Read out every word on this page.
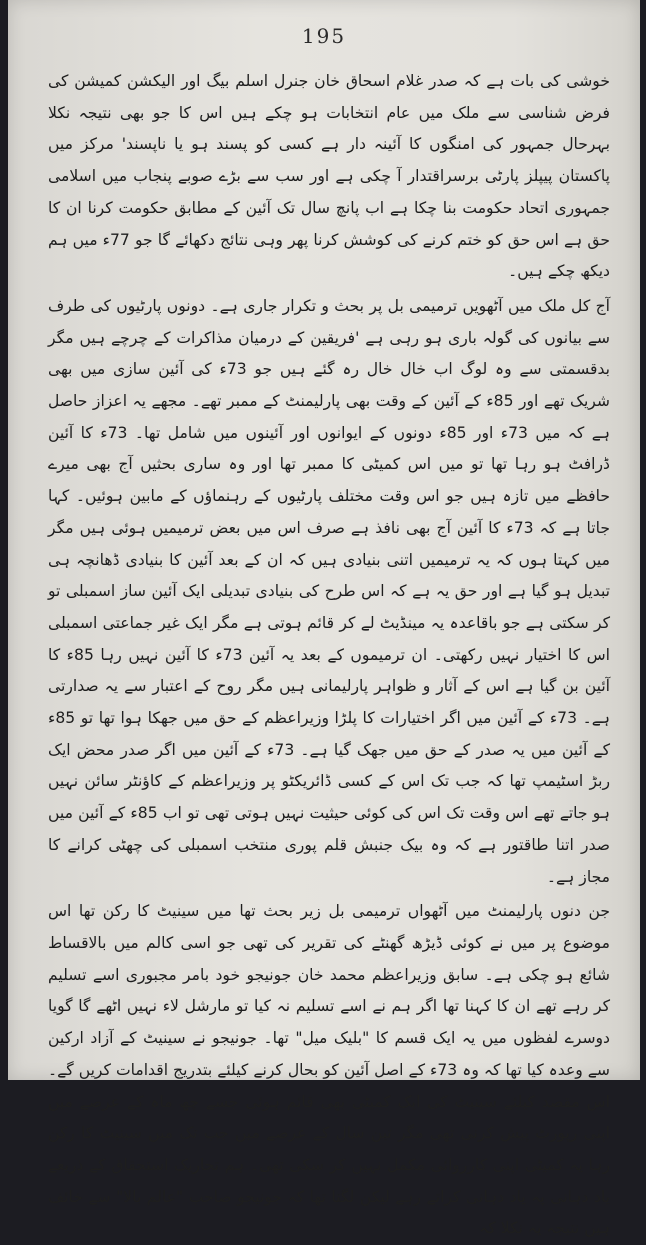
195

خوشی کی بات ہے کہ صدر غلام اسحاق خان جنرل اسلم بیگ اور الیکشن کمیشن کی فرض شناسی سے ملک میں عام انتخابات ہو چکے ہیں اس کا جو بھی نتیجہ نکلا بہرحال جمہور کی امنگوں کا آئینہ دار ہے کسی کو پسند ہو یا ناپسند' مرکز میں پاکستان پیپلز پارٹی برسراقتدار آ چکی ہے اور سب سے بڑے صوبے پنجاب میں اسلامی جمہوری اتحاد حکومت بنا چکا ہے اب پانچ سال تک آئین کے مطابق حکومت کرنا ان کا حق ہے اس حق کو ختم کرنے کی کوشش کرنا پھر وہی نتائج دکھائے گا جو 77ء میں ہم دیکھ چکے ہیں۔

آج کل ملک میں آٹھویں ترمیمی بل پر بحث و تکرار جاری ہے۔ دونوں پارٹیوں کی طرف سے بیانوں کی گولہ باری ہو رہی ہے 'فریقین کے درمیان مذاکرات کے چرچے ہیں مگر بدقسمتی سے وہ لوگ اب خال خال رہ گئے ہیں جو 73ء کی آئین سازی میں بھی شریک تھے اور 85ء کے آئین کے وقت بھی پارلیمنٹ کے ممبر تھے۔ مجھے یہ اعزاز حاصل ہے کہ میں 73ء اور 85ء دونوں کے ایوانوں اور آئینوں میں شامل تھا۔ 73ء کا آئین ڈرافٹ ہو رہا تھا تو میں اس کمیٹی کا ممبر تھا اور وہ ساری بحثیں آج بھی میرے حافظے میں تازہ ہیں جو اس وقت مختلف پارٹیوں کے رہنماؤں کے مابین ہوئیں۔ کہا جاتا ہے کہ 73ء کا آئین آج بھی نافذ ہے صرف اس میں بعض ترمیمیں ہوئی ہیں مگر میں کہتا ہوں کہ یہ ترمیمیں اتنی بنیادی ہیں کہ ان کے بعد آئین کا بنیادی ڈھانچہ ہی تبدیل ہو گیا ہے اور حق یہ ہے کہ اس طرح کی بنیادی تبدیلی ایک آئین ساز اسمبلی تو کر سکتی ہے جو باقاعدہ یہ مینڈیٹ لے کر قائم ہوتی ہے مگر ایک غیر جماعتی اسمبلی اس کا اختیار نہیں رکھتی۔ ان ترمیموں کے بعد یہ آئین 73ء کا آئین نہیں رہا 85ء کا آئین بن گیا ہے اس کے آثار و ظواہر پارلیمانی ہیں مگر روح کے اعتبار سے یہ صدارتی ہے۔ 73ء کے آئین میں اگر اختیارات کا پلڑا وزیراعظم کے حق میں جھکا ہوا تھا تو 85ء کے آئین میں یہ صدر کے حق میں جھک گیا ہے۔ 73ء کے آئین میں اگر صدر محض ایک ربڑ اسٹیمپ تھا کہ جب تک اس کے کسی ڈائریکٹو پر وزیراعظم کے کاؤنٹر سائن نہیں ہو جاتے تھے اس وقت تک اس کی کوئی حیثیت نہیں ہوتی تھی تو اب 85ء کے آئین میں صدر اتنا طاقتور ہے کہ وہ بیک جنبش قلم پوری منتخب اسمبلی کی چھٹی کرانے کا مجاز ہے۔

جن دنوں پارلیمنٹ میں آٹھواں ترمیمی بل زیر بحث تھا میں سینیٹ کا رکن تھا اس موضوع پر میں نے کوئی ڈیڑھ گھنٹے کی تقریر کی تھی جو اسی کالم میں بالاقساط شائع ہو چکی ہے۔ سابق وزیراعظم محمد خان جونیجو خود بامر مجبوری اسے تسلیم کر رہے تھے ان کا کہنا تھا اگر ہم نے اسے تسلیم نہ کیا تو مارشل لاء نہیں اٹھے گا گویا دوسرے لفظوں میں یہ ایک قسم کا "بلیک میل" تھا۔ جونیجو نے سینیٹ کے آزاد ارکین سے وعدہ کیا تھا کہ وہ 73ء کے اصل آئین کو بحال کرنے کیلئے بتدریج اقدامات کریں گے۔ اس مقصد کیلئے سینیٹ کی ایک کمیٹی بھی قائم ہوئی جسے چھ ماہ کے عرصے میں اپنی رپورٹ پیش کرنی تھی مگر تین سال کے عرصے میں جب تک میں سینیٹ کا رکن رہا یہ کمیٹی اپنی کارروائی مکمل نہیں کر سکی تھی۔ ہم تحاریک استحقاق کے ذریعے یاد دہانی پہ یاد دہانی کراتے رہے لیکن لگتا تھا کہ جونیجو صاحب "عالم بالا" سے خائف ہیں نتیجہ یہ نکلا کہ
